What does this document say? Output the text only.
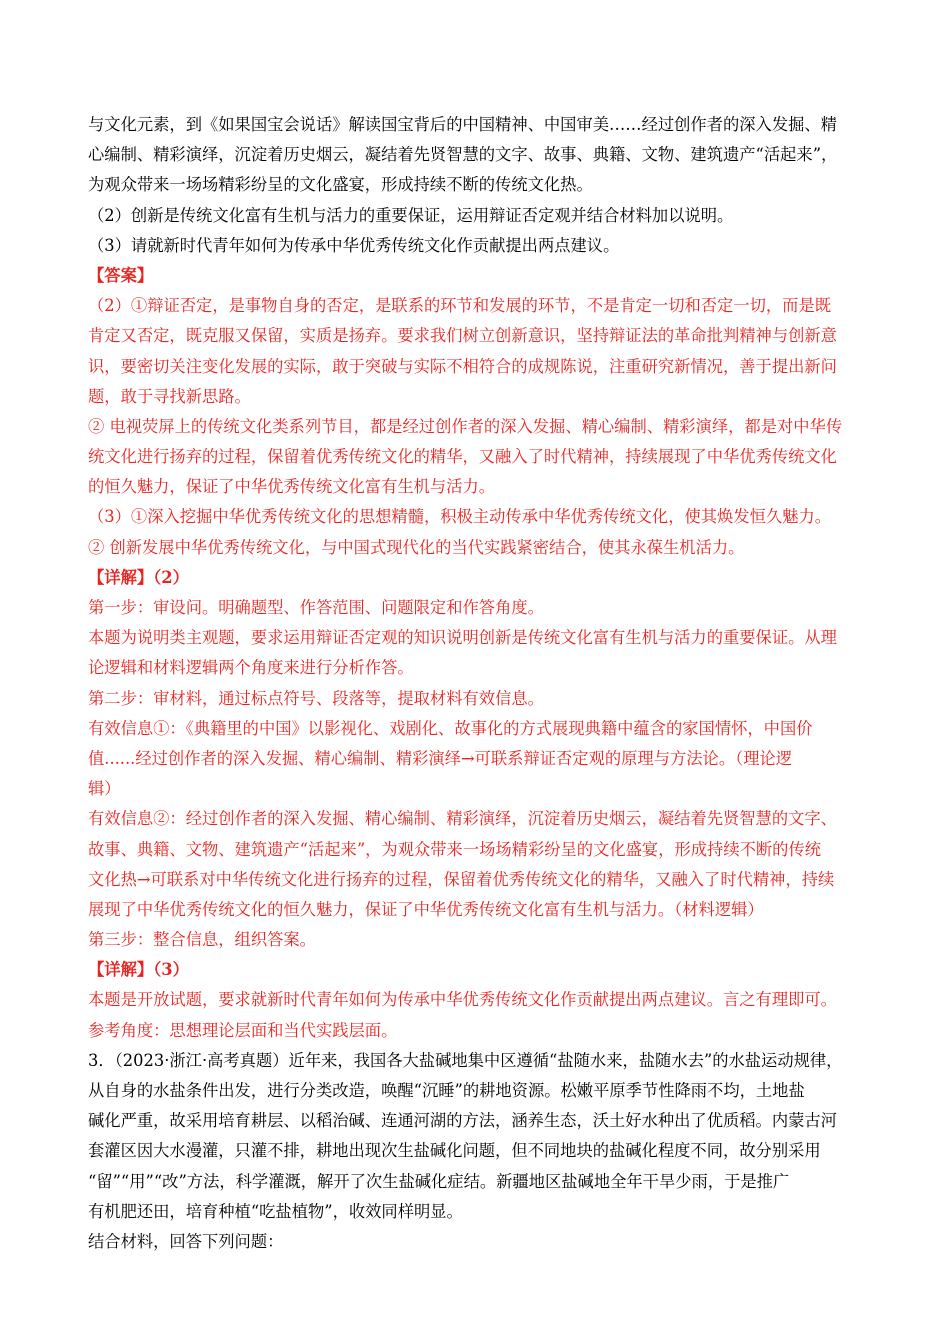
与文化元素，到《如果国宝会说话》解读国宝背后的中国精神、中国审美……经过创作者的深入发掘、精
心编制、精彩演绎，沉淀着历史烟云，凝结着先贤智慧的文字、故事、典籍、文物、建筑遗产“活起来”，
为观众带来一场场精彩纷呈的文化盛宴，形成持续不断的传统文化热。
（2）创新是传统文化富有生机与活力的重要保证，运用辩证否定观并结合材料加以说明。
（3）请就新时代青年如何为传承中华优秀传统文化作贡献提出两点建议。
【答案】
（2）①辩证否定，是事物自身的否定，是联系的环节和发展的环节，不是肯定一切和否定一切，而是既
肯定又否定，既克服又保留，实质是扬弃。要求我们树立创新意识，坚持辩证法的革命批判精神与创新意
识，要密切关注变化发展的实际，敢于突破与实际不相符合的成规陈说，注重研究新情况，善于提出新问
题，敢于寻找新思路。
② 电视荧屏上的传统文化类系列节目，都是经过创作者的深入发掘、精心编制、精彩演绎，都是对中华传
统文化进行扬弃的过程，保留着优秀传统文化的精华，又融入了时代精神，持续展现了中华优秀传统文化
的恒久魅力，保证了中华优秀传统文化富有生机与活力。
（3）①深入挖掘中华优秀传统文化的思想精髓，积极主动传承中华优秀传统文化，使其焕发恒久魅力。
② 创新发展中华优秀传统文化，与中国式现代化的当代实践紧密结合，使其永葆生机活力。
【详解】（2）
第一步：审设问。明确题型、作答范围、问题限定和作答角度。
本题为说明类主观题，要求运用辩证否定观的知识说明创新是传统文化富有生机与活力的重要保证。从理
论逻辑和材料逻辑两个角度来进行分析作答。
第二步：审材料，通过标点符号、段落等，提取材料有效信息。
有效信息①：《典籍里的中国》以影视化、戏剧化、故事化的方式展现典籍中蕴含的家国情怀，中国价
值......经过创作者的深入发掘、精心编制、精彩演绎→可联系辩证否定观的原理与方法论。（理论逻
辑）
有效信息②：经过创作者的深入发掘、精心编制、精彩演绎，沉淀着历史烟云，凝结着先贤智慧的文字、
故事、典籍、文物、建筑遗产“活起来”，为观众带来一场场精彩纷呈的文化盛宴，形成持续不断的传统
文化热→可联系对中华传统文化进行扬弃的过程，保留着优秀传统文化的精华，又融入了时代精神，持续
展现了中华优秀传统文化的恒久魅力，保证了中华优秀传统文化富有生机与活力。（材料逻辑）
第三步：整合信息，组织答案。
【详解】（3）
本题是开放试题，要求就新时代青年如何为传承中华优秀传统文化作贡献提出两点建议。言之有理即可。
参考角度：思想理论层面和当代实践层面。
3．（2023·浙江·高考真题）近年来，我国各大盐碱地集中区遵循“盐随水来，盐随水去”的水盐运动规律，
从自身的水盐条件出发，进行分类改造，唤醒“沉睡”的耕地资源。松嫩平原季节性降雨不均，土地盐
碱化严重，故采用培育耕层、以稻治碱、连通河湖的方法，涵养生态，沃土好水种出了优质稻。内蒙古河
套灌区因大水漫灌，只灌不排，耕地出现次生盐碱化问题，但不同地块的盐碱化程度不同，故分别采用
“留”“用”“改”方法，科学灌溉，解开了次生盐碱化症结。新疆地区盐碱地全年干旱少雨，于是推广
有机肥还田，培育种植“吃盐植物”，收效同样明显。
结合材料，回答下列问题：
